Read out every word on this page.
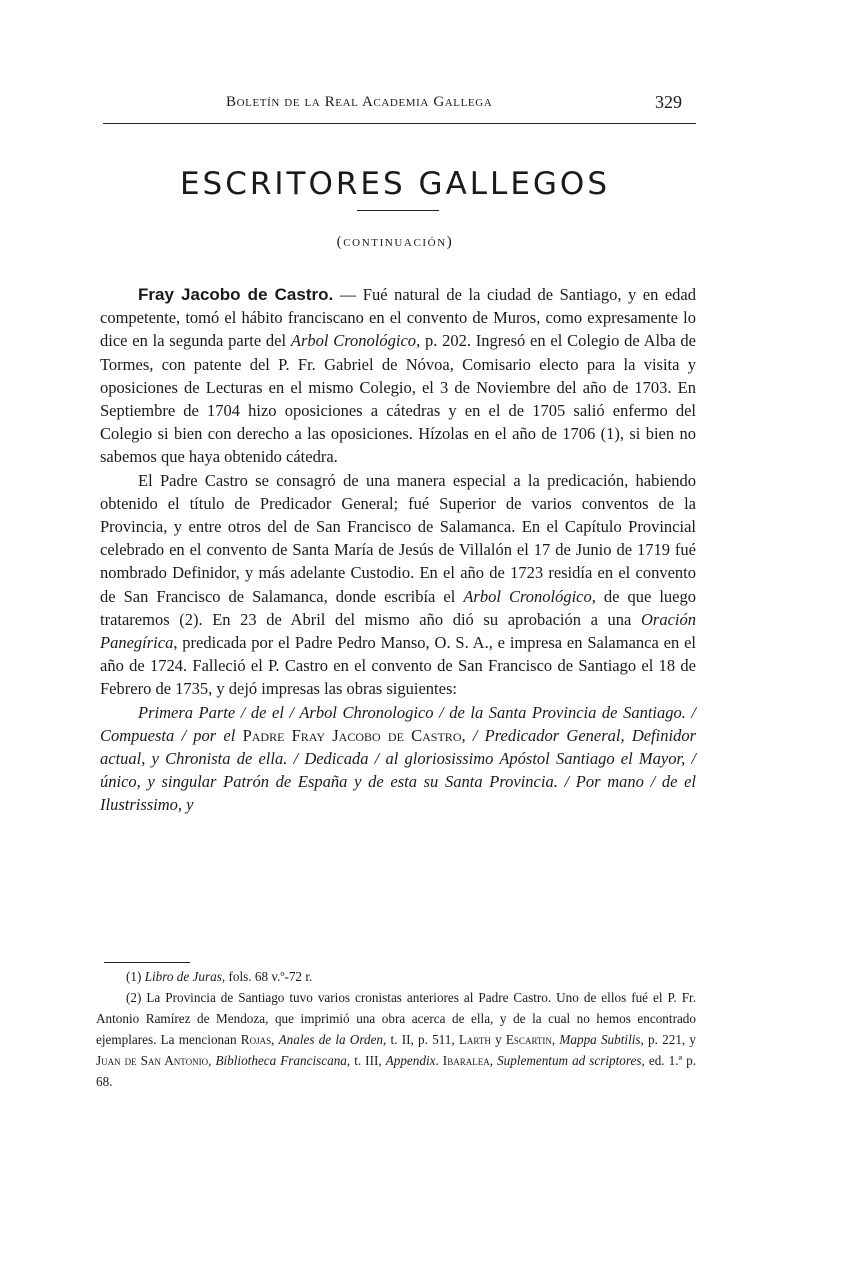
Boletín de la Real Academia Gallega	329
ESCRITORES GALLEGOS
(continuación)

Fray Jacobo de Castro. — Fué natural de la ciudad de Santiago, y en edad competente, tomó el hábito franciscano en el convento de Muros, como expresamente lo dice en la segunda parte del Arbol Cronológico, p. 202. Ingresó en el Colegio de Alba de Tormes, con patente del P. Fr. Gabriel de Nóvoa, Comisario electo para la visita y oposiciones de Lecturas en el mismo Colegio, el 3 de Noviembre del año de 1703. En Septiembre de 1704 hizo oposiciones a cátedras y en el de 1705 salió enfermo del Colegio si bien con derecho a las oposiciones. Hízolas en el año de 1706 (1), si bien no sabemos que haya obtenido cátedra.

El Padre Castro se consagró de una manera especial a la predicación, habiendo obtenido el título de Predicador General; fué Superior de varios conventos de la Provincia, y entre otros del de San Francisco de Salamanca. En el Capítulo Provincial celebrado en el convento de Santa María de Jesús de Villalón el 17 de Junio de 1719 fué nombrado Definidor, y más adelante Custodio. En el año de 1723 residía en el convento de San Francisco de Salamanca, donde escribía el Arbol Cronológico, de que luego trataremos (2). En 23 de Abril del mismo año dió su aprobación a una Oración Panegírica, predicada por el Padre Pedro Manso, O. S. A., e impresa en Salamanca en el año de 1724. Falleció el P. Castro en el convento de San Francisco de Santiago el 18 de Febrero de 1735, y dejó impresas las obras siguientes:

Primera Parte / de el / Arbol Chronologico / de la Santa Provincia de Santiago. / Compuesta / por el Padre Fray Jacobo de Castro, / Predicador General, Definidor actual, y Chronista de ella. / Dedicada / al gloriosissimo Apóstol Santiago el Mayor, / único, y singular Patrón de España y de esta su Santa Provincia. / Por mano / de el Ilustrissimo, y

(1) Libro de Juras, fols. 68 v.º-72 r.

(2) La Provincia de Santiago tuvo varios cronistas anteriores al Padre Castro. Uno de ellos fué el P. Fr. Antonio Ramírez de Mendoza, que imprimió una obra acerca de ella, y de la cual no hemos encontrado ejemplares. La mencionan Rojas, Anales de la Orden, t. II, p. 511, Larth y Escartin, Mappa Subtilis, p. 221, y Juan de San Antonio, Bibliotheca Franciscana, t. III, Appendix. Ibaralea, Suplementum ad scriptores, ed. 1.ª p. 68.
